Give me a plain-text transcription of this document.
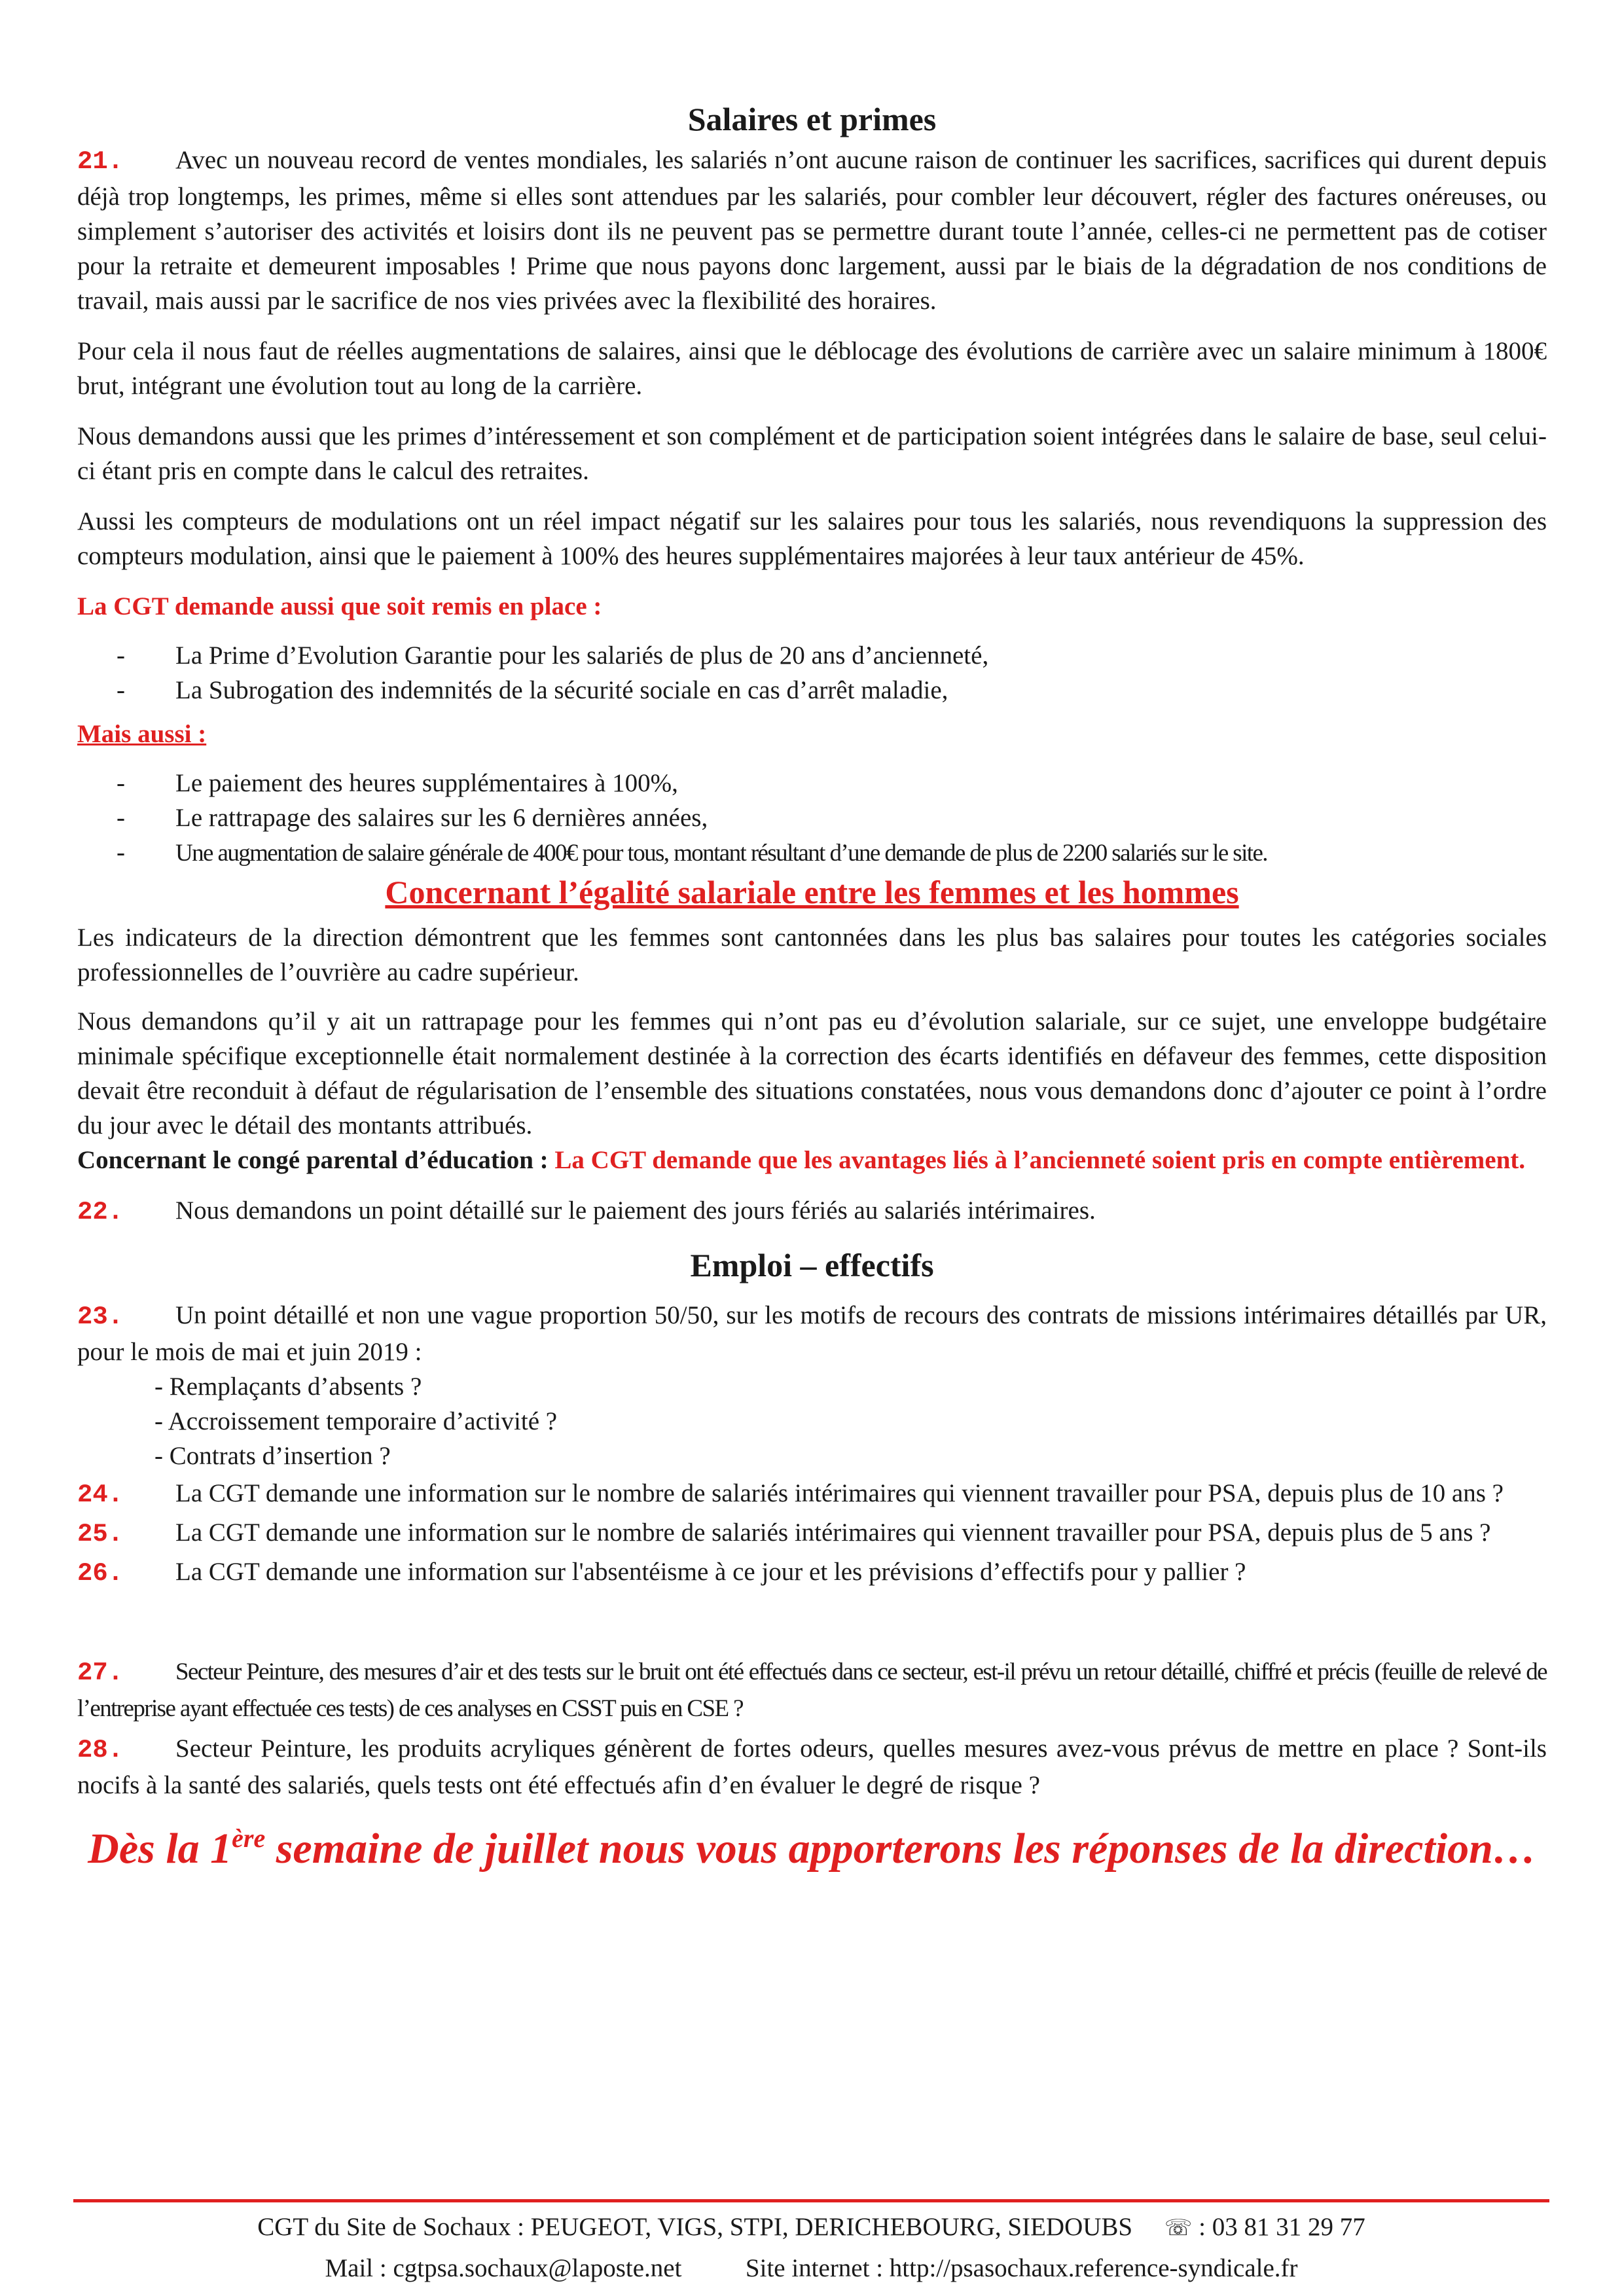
Salaires et primes

21. Avec un nouveau record de ventes mondiales, les salariés n’ont aucune raison de continuer les sacrifices, sacrifices qui durent depuis déjà trop longtemps, les primes, même si elles sont attendues par les salariés, pour combler leur découvert, régler des factures onéreuses, ou simplement s’autoriser des activités et loisirs dont ils ne peuvent pas se permettre durant toute l’année, celles-ci ne permettent pas de cotiser pour la retraite et demeurent imposables ! Prime que nous payons donc largement, aussi par le biais de la dégradation de nos conditions de travail, mais aussi par le sacrifice de nos vies privées avec la flexibilité des horaires.

Pour cela il nous faut de réelles augmentations de salaires, ainsi que le déblocage des évolutions de carrière avec un salaire minimum à 1800€ brut, intégrant une évolution tout au long de la carrière.

Nous demandons aussi que les primes d’intéressement et son complément et de participation soient intégrées dans le salaire de base, seul celui-ci étant pris en compte dans le calcul des retraites.

Aussi les compteurs de modulations ont un réel impact négatif sur les salaires pour tous les salariés, nous revendiquons la suppression des compteurs modulation, ainsi que le paiement à 100% des heures supplémentaires majorées à leur taux antérieur de 45%.

La CGT demande aussi que soit remis en place :

- La Prime d’Evolution Garantie pour les salariés de plus de 20 ans d’ancienneté,
- La Subrogation des indemnités de la sécurité sociale en cas d’arrêt maladie,

Mais aussi :

- Le paiement des heures supplémentaires à 100%,
- Le rattrapage des salaires sur les 6 dernières années,
- Une augmentation de salaire générale de 400€ pour tous, montant résultant d’une demande de plus de 2200 salariés sur le site.

Concernant l’égalité salariale entre les femmes et les hommes

Les indicateurs de la direction démontrent que les femmes sont cantonnées dans les plus bas salaires pour toutes les catégories sociales professionnelles de l’ouvrière au cadre supérieur.

Nous demandons qu’il y ait un rattrapage pour les femmes qui n’ont pas eu d’évolution salariale, sur ce sujet, une enveloppe budgétaire minimale spécifique exceptionnelle était normalement destinée à la correction des écarts identifiés en défaveur des femmes, cette disposition devait être reconduit à défaut de régularisation de l’ensemble des situations constatées, nous vous demandons donc d’ajouter ce point à l’ordre du jour avec le détail des montants attribués.

Concernant le congé parental d’éducation : La CGT demande que les avantages liés à l’ancienneté soient pris en compte entièrement.

22. Nous demandons un point détaillé sur le paiement des jours fériés au salariés intérimaires.

Emploi – effectifs

23. Un point détaillé et non une vague proportion 50/50, sur les motifs de recours des contrats de missions intérimaires détaillés par UR, pour le mois de mai et juin 2019 :

- Remplaçants d’absents ?
- Accroissement temporaire d’activité ?
- Contrats d’insertion ?

24. La CGT demande une information sur le nombre de salariés intérimaires qui viennent travailler pour PSA, depuis plus de 10 ans ?

25. La CGT demande une information sur le nombre de salariés intérimaires qui viennent travailler pour PSA, depuis plus de 5 ans ?

26. La CGT demande une information sur l'absentéisme à ce jour et les prévisions d’effectifs pour y pallier ?

27. Secteur Peinture, des mesures d’air et des tests sur le bruit ont été effectués dans ce secteur, est-il prévu un retour détaillé, chiffré et précis (feuille de relevé de l’entreprise ayant effectuée ces tests) de ces analyses en CSST puis en CSE ?

28. Secteur Peinture, les produits acryliques génèrent de fortes odeurs, quelles mesures avez-vous prévus de mettre en place ? Sont-ils nocifs à la santé des salariés, quels tests ont été effectués afin d’en évaluer le degré de risque ?

Dès la 1ère semaine de juillet nous vous apporterons les réponses de la direction…

CGT du Site de Sochaux : PEUGEOT, VIGS, STPI, DERICHEBOURG, SIEDOUBS ☏ : 03 81 31 29 77
Mail : cgtpsa.sochaux@laposte.net	Site internet : http://psasochaux.reference-syndicale.fr
